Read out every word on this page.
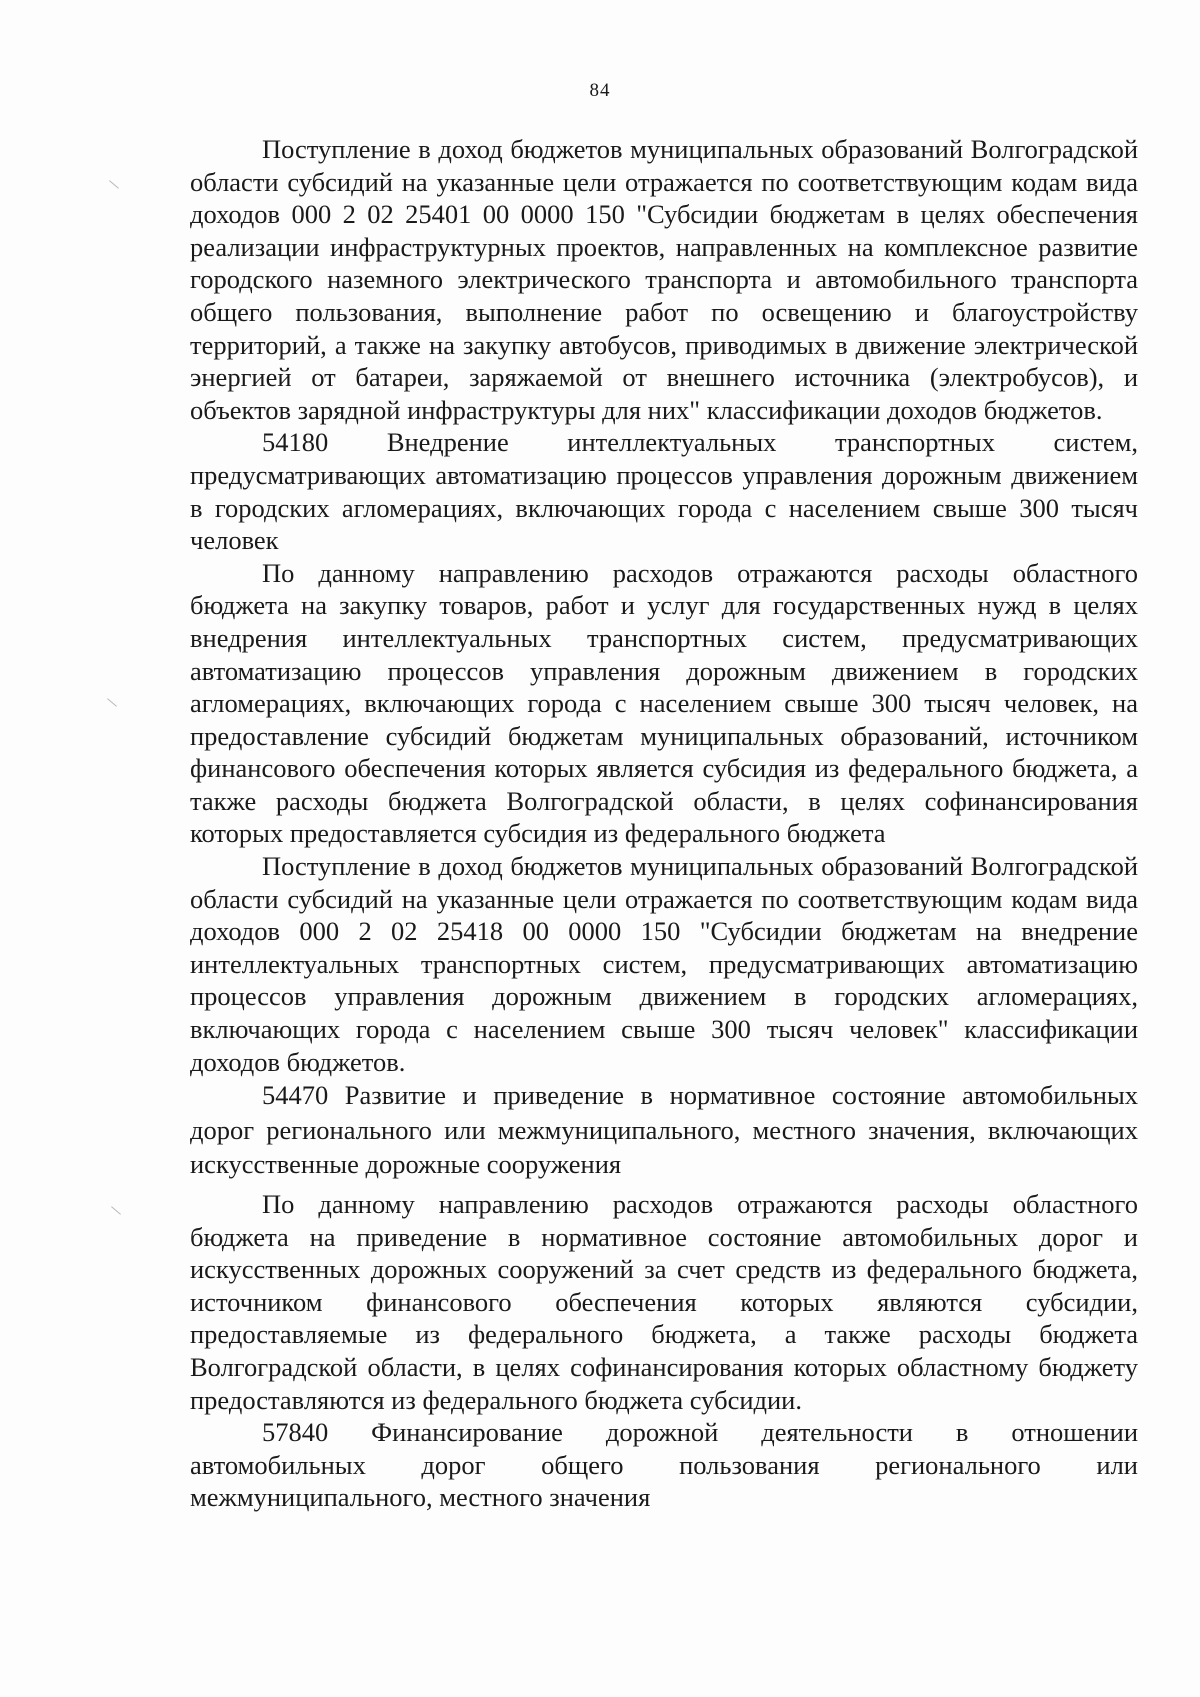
84

Поступление в доход бюджетов муниципальных образований Волгоградской области субсидий на указанные цели отражается по соответствующим кодам вида доходов 000 2 02 25401 00 0000 150 "Субсидии бюджетам в целях обеспечения реализации инфраструктурных проектов, направленных на комплексное развитие городского наземного электрического транспорта и автомобильного транспорта общего пользования, выполнение работ по освещению и благоустройству территорий, а также на закупку автобусов, приводимых в движение электрической энергией от батареи, заряжаемой от внешнего источника (электробусов), и объектов зарядной инфраструктуры для них" классификации доходов бюджетов.

54180 Внедрение интеллектуальных транспортных систем, предусматривающих автоматизацию процессов управления дорожным движением в городских агломерациях, включающих города с населением свыше 300 тысяч человек

По данному направлению расходов отражаются расходы областного бюджета на закупку товаров, работ и услуг для государственных нужд в целях внедрения интеллектуальных транспортных систем, предусматривающих автоматизацию процессов управления дорожным движением в городских агломерациях, включающих города с населением свыше 300 тысяч человек, на предоставление субсидий бюджетам муниципальных образований, источником финансового обеспечения которых является субсидия из федерального бюджета, а также расходы бюджета Волгоградской области, в целях софинансирования которых предоставляется субсидия из федерального бюджета

Поступление в доход бюджетов муниципальных образований Волгоградской области субсидий на указанные цели отражается по соответствующим кодам вида доходов 000 2 02 25418 00 0000 150 "Субсидии бюджетам на внедрение интеллектуальных транспортных систем, предусматривающих автоматизацию процессов управления дорожным движением в городских агломерациях, включающих города с населением свыше 300 тысяч человек" классификации доходов бюджетов.

54470 Развитие и приведение в нормативное состояние автомобильных дорог регионального или межмуниципального, местного значения, включающих искусственные дорожные сооружения

По данному направлению расходов отражаются расходы областного бюджета на приведение в нормативное состояние автомобильных дорог и искусственных дорожных сооружений за счет средств из федерального бюджета, источником финансового обеспечения которых являются субсидии, предоставляемые из федерального бюджета, а также расходы бюджета Волгоградской области, в целях софинансирования которых областному бюджету предоставляются из федерального бюджета субсидии.

57840 Финансирование дорожной деятельности в отношении автомобильных дорог общего пользования регионального или межмуниципального, местного значения
